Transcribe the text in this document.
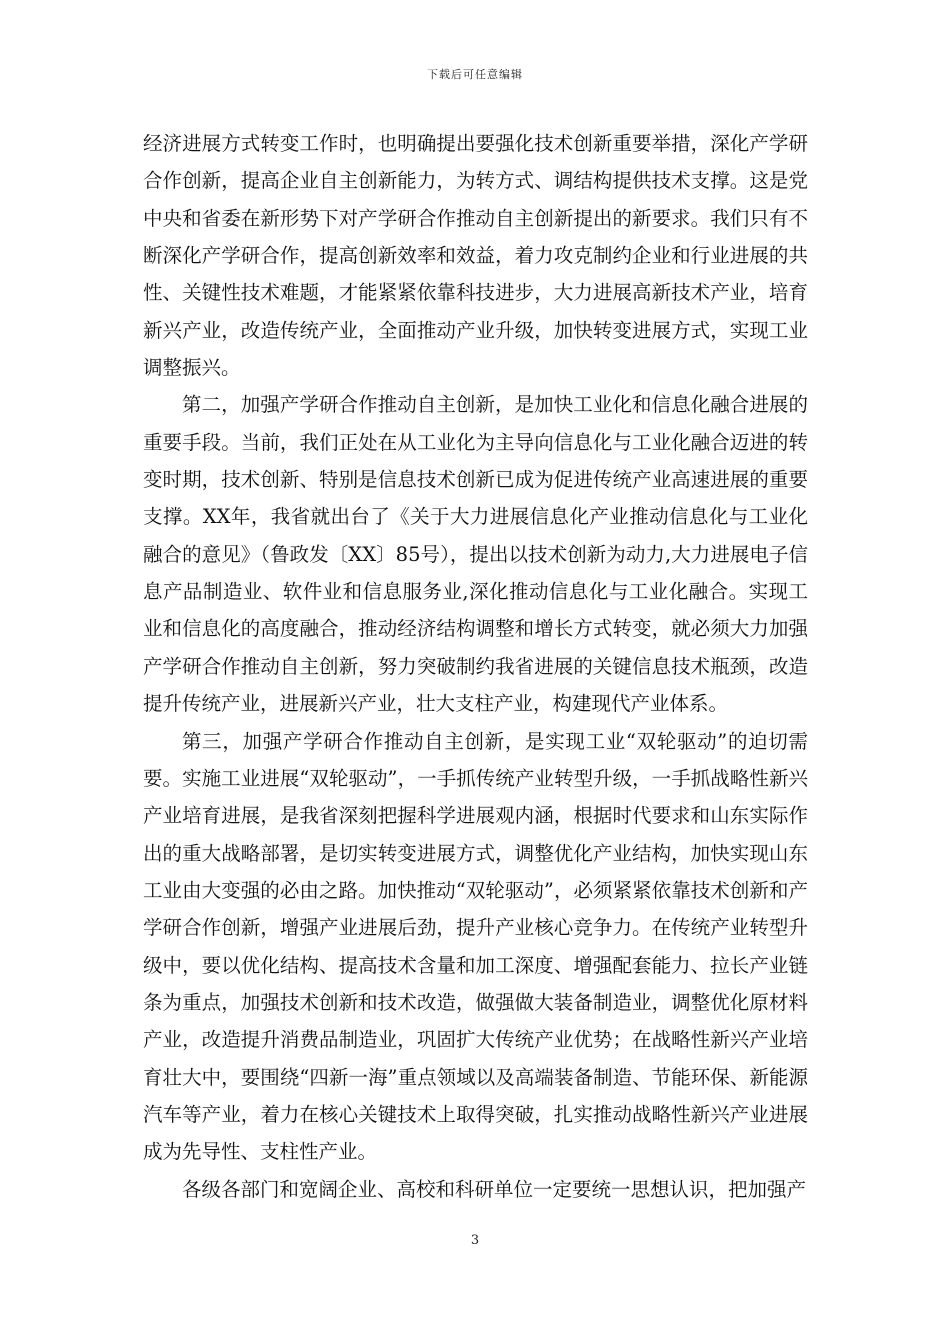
下载后可任意编辑

经济进展方式转变工作时，也明确提出要强化技术创新重要举措，深化产学研合作创新，提高企业自主创新能力，为转方式、调结构提供技术支撑。这是党中央和省委在新形势下对产学研合作推动自主创新提出的新要求。我们只有不断深化产学研合作，提高创新效率和效益，着力攻克制约企业和行业进展的共性、关键性技术难题，才能紧紧依靠科技进步，大力进展高新技术产业，培育新兴产业，改造传统产业，全面推动产业升级，加快转变进展方式，实现工业调整振兴。

第二，加强产学研合作推动自主创新，是加快工业化和信息化融合进展的重要手段。当前，我们正处在从工业化为主导向信息化与工业化融合迈进的转变时期，技术创新、特别是信息技术创新已成为促进传统产业高速进展的重要支撑。XX年，我省就出台了《关于大力进展信息化产业推动信息化与工业化融合的意见》（鲁政发〔XX〕85号），提出以技术创新为动力,大力进展电子信息产品制造业、软件业和信息服务业,深化推动信息化与工业化融合。实现工业和信息化的高度融合，推动经济结构调整和增长方式转变，就必须大力加强产学研合作推动自主创新，努力突破制约我省进展的关键信息技术瓶颈，改造提升传统产业，进展新兴产业，壮大支柱产业，构建现代产业体系。

第三，加强产学研合作推动自主创新，是实现工业“双轮驱动”的迫切需要。实施工业进展“双轮驱动”，一手抓传统产业转型升级，一手抓战略性新兴产业培育进展，是我省深刻把握科学进展观内涵，根据时代要求和山东实际作出的重大战略部署，是切实转变进展方式，调整优化产业结构，加快实现山东工业由大变强的必由之路。加快推动“双轮驱动”，必须紧紧依靠技术创新和产学研合作创新，增强产业进展后劲，提升产业核心竞争力。在传统产业转型升级中，要以优化结构、提高技术含量和加工深度、增强配套能力、拉长产业链条为重点，加强技术创新和技术改造，做强做大装备制造业，调整优化原材料产业，改造提升消费品制造业，巩固扩大传统产业优势；在战略性新兴产业培育壮大中，要围绕“四新一海”重点领域以及高端装备制造、节能环保、新能源汽车等产业，着力在核心关键技术上取得突破，扎实推动战略性新兴产业进展成为先导性、支柱性产业。

各级各部门和宽阔企业、高校和科研单位一定要统一思想认识，把加强产

3
